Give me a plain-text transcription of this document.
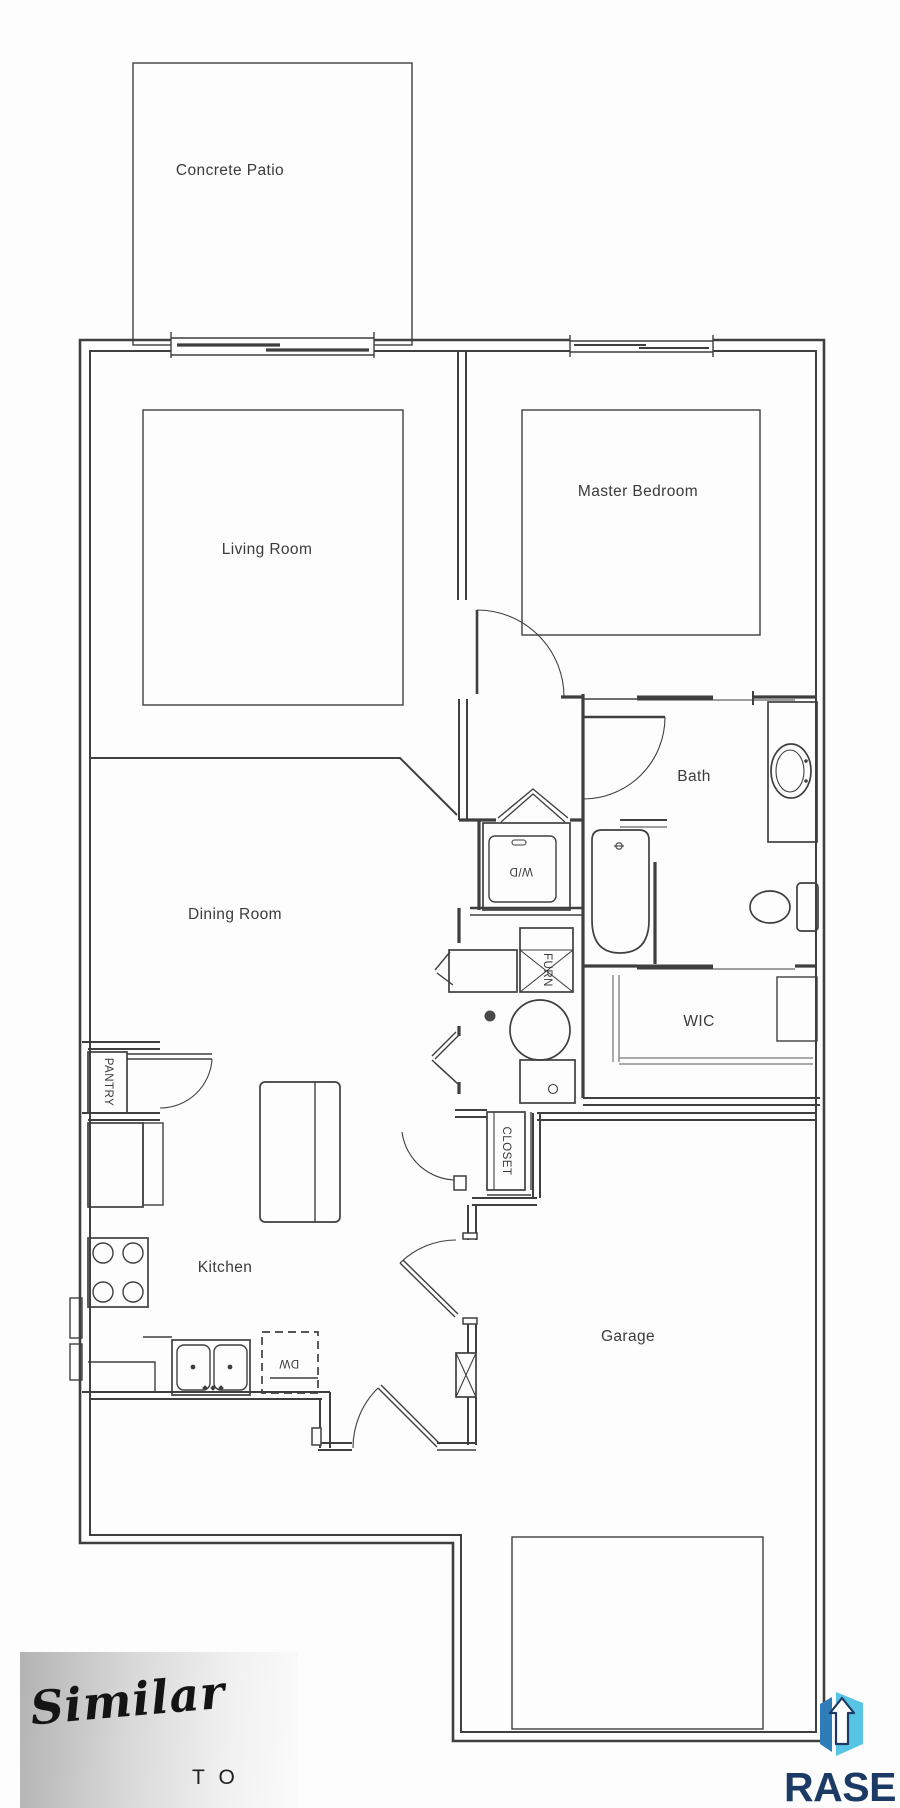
Concrete Patio
Living Room
Master Bedroom
Bath
Dining Room
WIC
Kitchen
Garage
FURN
CLOSET
PANTRY
W/D
DW
Similar
TO	RASE
